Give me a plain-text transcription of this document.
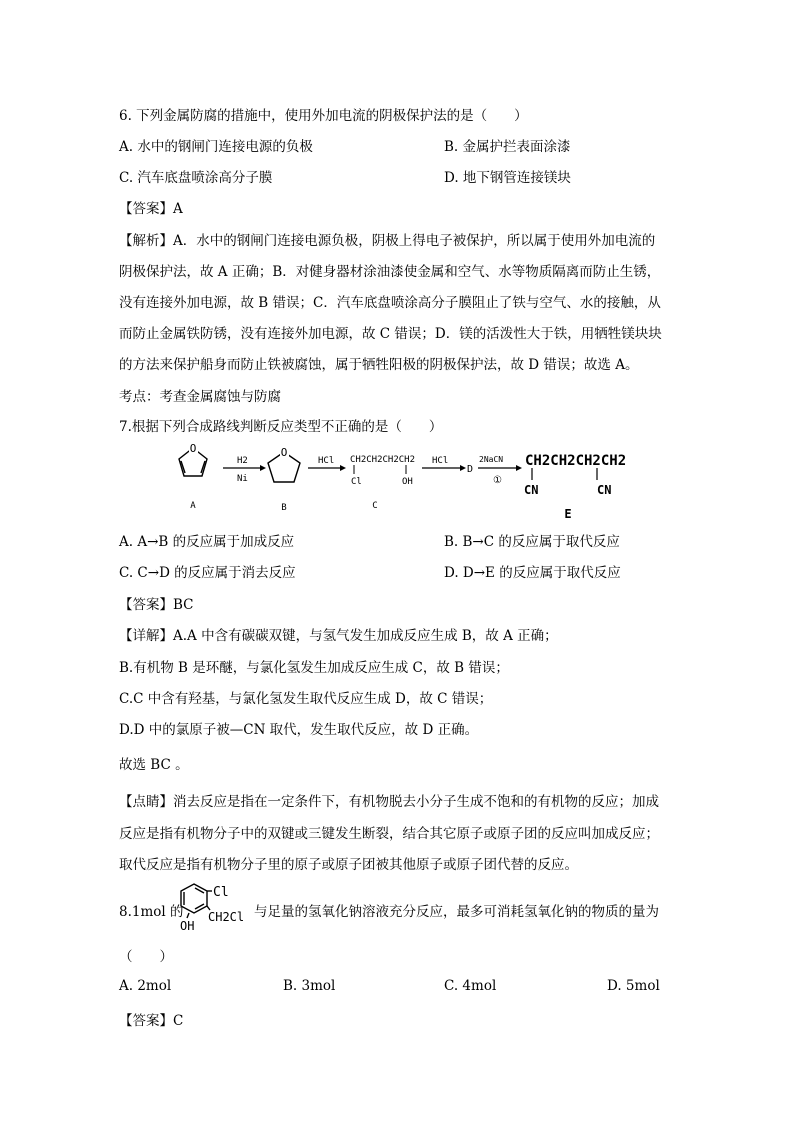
6. 下列金属防腐的措施中，使用外加电流的阴极保护法的是（　　）
A. 水中的钢闸门连接电源的负极	B. 金属护拦表面涂漆
C. 汽车底盘喷涂高分子膜	D. 地下钢管连接镁块
【答案】A
【解析】A．水中的钢闸门连接电源负极，阴极上得电子被保护，所以属于使用外加电流的
阴极保护法，故 A 正确；B．对健身器材涂油漆使金属和空气、水等物质隔离而防止生锈，
没有连接外加电源，故 B 错误；C．汽车底盘喷涂高分子膜阻止了铁与空气、水的接触，从
而防止金属铁防锈，没有连接外加电源，故 C 错误；D．镁的活泼性大于铁，用牺牲镁块块
的方法来保护船身而防止铁被腐蚀，属于牺牲阳极的阴极保护法，故 D 错误；故选 A。
考点：考查金属腐蚀与防腐
7.根据下列合成路线判断反应类型不正确的是（　　）
O
A
H2
Ni
O
B
HCl CH2CH2CH2CH2
Cl	OH
C
HCl
D
2NaCN
①
CH2CH2CH2CH2
CN	CN
E
A. A→B 的反应属于加成反应	B. B→C 的反应属于取代反应
C. C→D 的反应属于消去反应	D. D→E 的反应属于取代反应
【答案】BC
【详解】A.A 中含有碳碳双键，与氢气发生加成反应生成 B，故 A 正确；
B.有机物 B 是环醚，与氯化氢发生加成反应生成 C，故 B 错误；
C.C 中含有羟基，与氯化氢发生取代反应生成 D，故 C 错误；
D.D 中的氯原子被—CN 取代，发生取代反应，故 D 正确。
故选 BC 。
【点睛】消去反应是指在一定条件下，有机物脱去小分子生成不饱和的有机物的反应；加成
反应是指有机物分子中的双键或三键发生断裂，结合其它原子或原子团的反应叫加成反应；
取代反应是指有机物分子里的原子或原子团被其他原子或原子团代替的反应。
8.1mol 的
Cl
CH2Cl
OH
与足量的氢氧化钠溶液充分反应，最多可消耗氢氧化钠的物质的量为
（　　）
A. 2mol	B. 3mol	C. 4mol	D. 5mol
【答案】C
